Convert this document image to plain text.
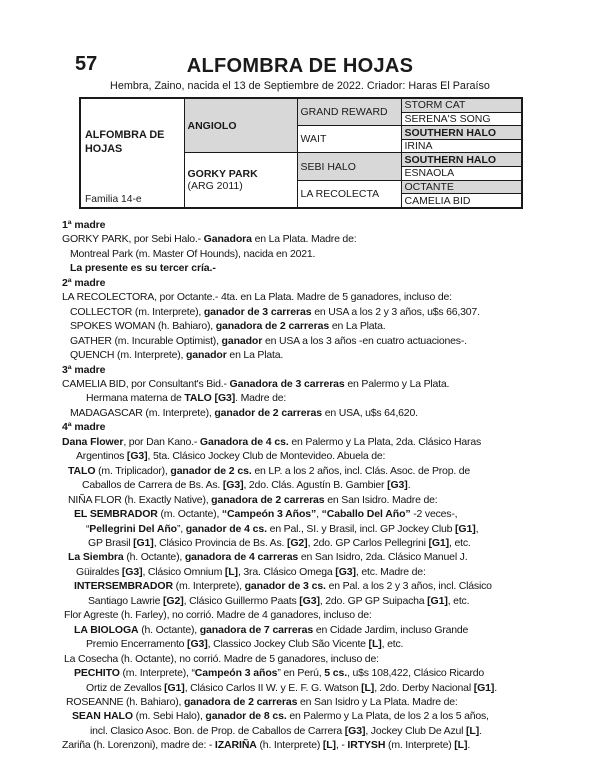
57	ALFOMBRA DE HOJAS
Hembra, Zaino, nacida el 13 de Septiembre de 2022. Criador: Haras El Paraíso
ALFOMBRA DE HOJAS
Familia 14-e	ANGIOLO	GRAND REWARD	STORM CAT
			SERENA'S SONG
		WAIT	SOUTHERN HALO
			IRINA

	GORKY PARK
(ARG 2011)	SEBI HALO	SOUTHERN HALO
			ESNAOLA
		LA RECOLECTA	OCTANTE
			CAMELIA BID
1ª madre
GORKY PARK, por Sebi Halo.- Ganadora en La Plata. Madre de:
Montreal Park (m. Master Of Hounds), nacida en 2021.
La presente es su tercer cría.-
2ª madre
LA RECOLECTORA, por Octante.- 4ta. en La Plata. Madre de 5 ganadores, incluso de:
COLLECTOR (m. Interprete), ganador de 3 carreras en USA a los 2 y 3 años, u$s 66,307.
SPOKES WOMAN (h. Bahiaro), ganadora de 2 carreras en La Plata.
GATHER (m. Incurable Optimist), ganador en USA a los 3 años -en cuatro actuaciones-.
QUENCH (m. Interprete), ganador en La Plata.
3ª madre
CAMELIA BID, por Consultant's Bid.- Ganadora de 3 carreras en Palermo y La Plata.
Hermana materna de TALO [G3]. Madre de:
MADAGASCAR (m. Interprete), ganador de 2 carreras en USA, u$s 64,620.
4ª madre
Dana Flower, por Dan Kano.- Ganadora de 4 cs. en Palermo y La Plata, 2da. Clásico Haras
Argentinos [G3], 5ta. Clásico Jockey Club de Montevideo. Abuela de:
TALO (m. Triplicador), ganador de 2 cs. en LP. a los 2 años, incl. Clás. Asoc. de Prop. de
Caballos de Carrera de Bs. As. [G3], 2do. Clás. Agustín B. Gambier [G3].
NIÑA FLOR (h. Exactly Native), ganadora de 2 carreras en San Isidro. Madre de:
EL SEMBRADOR (m. Octante), “Campeón 3 Años”, “Caballo Del Año” -2 veces-,
“Pellegrini Del Año”, ganador de 4 cs. en Pal., SI. y Brasil, incl. GP Jockey Club [G1],
GP Brasil [G1], Clásico Provincia de Bs. As. [G2], 2do. GP Carlos Pellegrini [G1], etc.
La Siembra (h. Octante), ganadora de 4 carreras en San Isidro, 2da. Clásico Manuel J.
Güiraldes [G3], Clásico Omnium [L], 3ra. Clásico Omega [G3], etc. Madre de:
INTERSEMBRADOR (m. Interprete), ganador de 3 cs. en Pal. a los 2 y 3 años, incl. Clásico
Santiago Lawrie [G2], Clásico Guillermo Paats [G3], 2do. GP GP Suipacha [G1], etc.
Flor Agreste (h. Farley), no corrió. Madre de 4 ganadores, incluso de:
LA BIOLOGA (h. Octante), ganadora de 7 carreras en Cidade Jardim, incluso Grande
Premio Encerramento [G3], Classico Jockey Club São Vicente [L], etc.
La Cosecha (h. Octante), no corrió. Madre de 5 ganadores, incluso de:
PECHITO (m. Interprete), “Campeón 3 años” en Perú, 5 cs., u$s 108,422, Clásico Ricardo
Ortiz de Zevallos [G1], Clásico Carlos II W. y E. F. G. Watson [L], 2do. Derby Nacional [G1].
ROSEANNE (h. Bahiaro), ganadora de 2 carreras en San Isidro y La Plata. Madre de:
SEAN HALO (m. Sebi Halo), ganador de 8 cs. en Palermo y La Plata, de los 2 a los 5 años,
incl. Clasico Asoc. Bon. de Prop. de Caballos de Carrera [G3], Jockey Club De Azul [L].
Zariña (h. Lorenzoni), madre de: - IZARIÑA (h. Interprete) [L], - IRTYSH (m. Interprete) [L].
